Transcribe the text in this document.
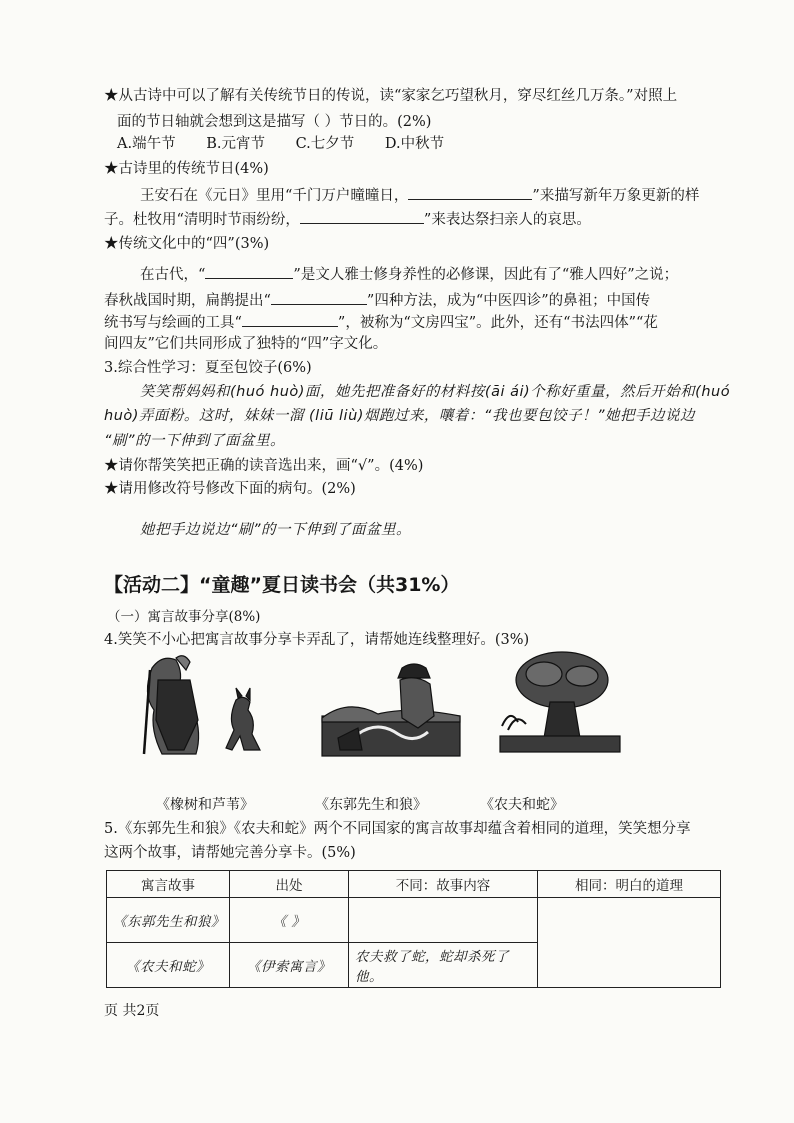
★从古诗中可以了解有关传统节日的传说，读“家家乞巧望秋月，穿尽红丝几万条。”对照上
面的节日轴就会想到这是描写（ ）节日的。(2%)
A.端午节 B.元宵节 C.七夕节 D.中秋节
★古诗里的传统节日(4%)
王安石在《元日》里用“千门万户曈曈日，	”来描写新年万象更新的样
子。杜牧用“清明时节雨纷纷，	”来表达祭扫亲人的哀思。
★传统文化中的“四”(3%)
在古代，“	”是文人雅士修身养性的必修课，因此有了“雅人四好”之说；
春秋战国时期，扁鹊提出“	”四种方法，成为“中医四诊”的鼻祖；中国传
统书写与绘画的工具“	”，被称为“文房四宝”。此外，还有“书法四体”“花
间四友”它们共同形成了独特的“四”字文化。
3.综合性学习：夏至包饺子(6%)
笑笑帮妈妈和(huó huò)面，她先把准备好的材料按(āi ái)个称好重量，然后开始和(huó
huò)弄面粉。这时，妹妹一溜 (liū liù)烟跑过来，嚷着：“我也要包饺子！”她把手边说边
“刷”的一下伸到了面盆里。
★请你帮笑笑把正确的读音选出来，画“√”。(4%)
★请用修改符号修改下面的病句。(2%)
她把手边说边“刷”的一下伸到了面盆里。
【活动二】“童趣”夏日读书会（共31%）
（一）寓言故事分享(8%)
4.笑笑不小心把寓言故事分享卡弄乱了，请帮她连线整理好。(3%)
《橡树和芦苇》	《东郭先生和狼》	《农夫和蛇》
5.《东郭先生和狼》《农夫和蛇》两个不同国家的寓言故事却蕴含着相同的道理，笑笑想分享
这两个故事，请帮她完善分享卡。(5%)
寓言故事	出处	不同：故事内容	相同：明白的道理
《东郭先生和狼》	《 》		
《农夫和蛇》	《伊索寓言》	农夫救了蛇，蛇却杀死了他。	
页 共2页
